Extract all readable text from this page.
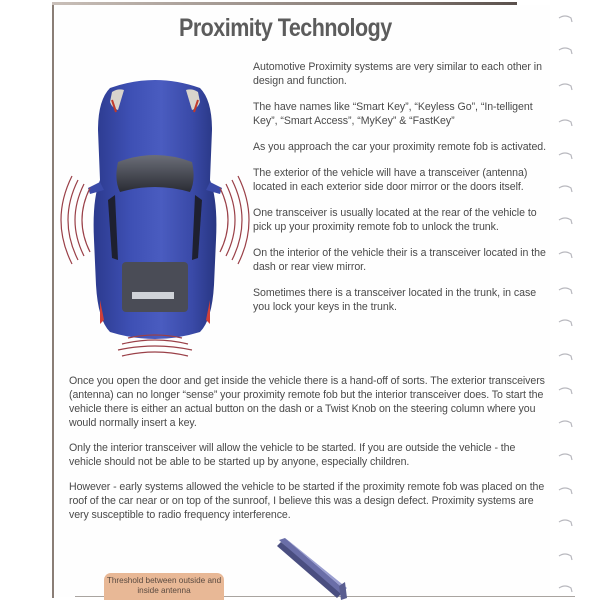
Proximity Technology

Automotive Proximity systems are very similar to each other in design and function.

The have names like “Smart Key”, “Keyless Go”, “In-telligent Key”, “Smart Access”, “MyKey” & “FastKey”

As you approach the car your proximity remote fob is activated.

The exterior of the vehicle will have a transceiver (antenna) located in each exterior side door mirror or the doors itself.

One transceiver is usually located at the rear of the vehicle to pick up your proximity remote fob to unlock the trunk.

On the interior of the vehicle their is a transceiver located in the dash or rear view mirror.

Sometimes there is a transceiver located in the trunk, in case you lock your keys in the trunk.

Once you open the door and get inside the vehicle there is a hand-off of sorts. The exterior transceivers (antenna) can no longer “sense” your proximity remote fob but the interior transceiver does. To start the vehicle there is either an actual button on the dash or a Twist Knob on the steering column where you would normally insert a key.

Only the interior transceiver will allow the vehicle to be started. If you are outside the vehicle - the vehicle should not be able to be started up by anyone, especially children.

However - early systems allowed the vehicle to be started if the proximity remote fob was placed on the roof of the car near or on top of the sunroof, I believe this was a design defect. Proximity systems are very susceptible to radio frequency interference.

Threshold between outside and inside antenna
